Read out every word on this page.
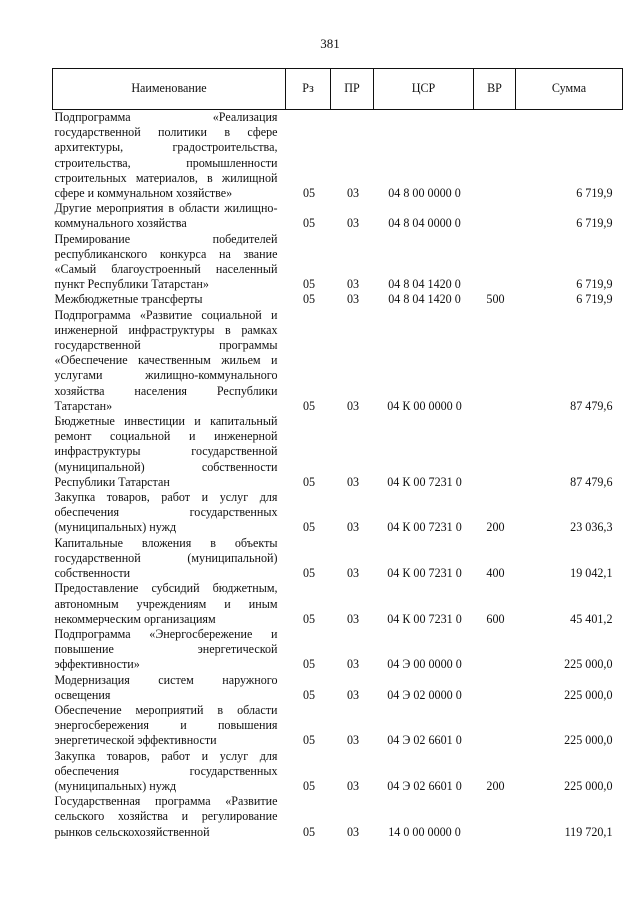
381
Наименование	Рз	ПР	ЦСР	ВР	Сумма
Подпрограмма «Реализация государственной политики в сфере архитектуры, градостроительства, строительства, промышленности строительных материалов, в жилищной сфере и коммунальном хозяйстве»	05	03	04 8 00 0000 0		6 719,9
Другие мероприятия в области жилищно-коммунального хозяйства	05	03	04 8 04 0000 0		6 719,9
Премирование победителей республиканского конкурса на звание «Самый благоустроенный населенный пункт Республики Татарстан»	05	03	04 8 04 1420 0		6 719,9
Межбюджетные трансферты	05	03	04 8 04 1420 0	500	6 719,9
Подпрограмма «Развитие социальной и инженерной инфраструктуры в рамках государственной программы «Обеспечение качественным жильем и услугами жилищно-коммунального хозяйства населения Республики Татарстан»	05	03	04 К 00 0000 0		87 479,6
Бюджетные инвестиции и капитальный ремонт социальной и инженерной инфраструктуры государственной (муниципальной) собственности Республики Татарстан	05	03	04 К 00 7231 0		87 479,6
Закупка товаров, работ и услуг для обеспечения государственных (муниципальных) нужд	05	03	04 К 00 7231 0	200	23 036,3
Капитальные вложения в объекты государственной (муниципальной) собственности	05	03	04 К 00 7231 0	400	19 042,1
Предоставление субсидий бюджетным, автономным учреждениям и иным некоммерческим организациям	05	03	04 К 00 7231 0	600	45 401,2
Подпрограмма «Энергосбережение и повышение энергетической эффективности»	05	03	04 Э 00 0000 0		225 000,0
Модернизация систем наружного освещения	05	03	04 Э 02 0000 0		225 000,0
Обеспечение мероприятий в области энергосбережения и повышения энергетической эффективности	05	03	04 Э 02 6601 0		225 000,0
Закупка товаров, работ и услуг для обеспечения государственных (муниципальных) нужд	05	03	04 Э 02 6601 0	200	225 000,0
Государственная программа «Развитие сельского хозяйства и регулирование рынков сельскохозяйственной	05	03	14 0 00 0000 0		119 720,1
